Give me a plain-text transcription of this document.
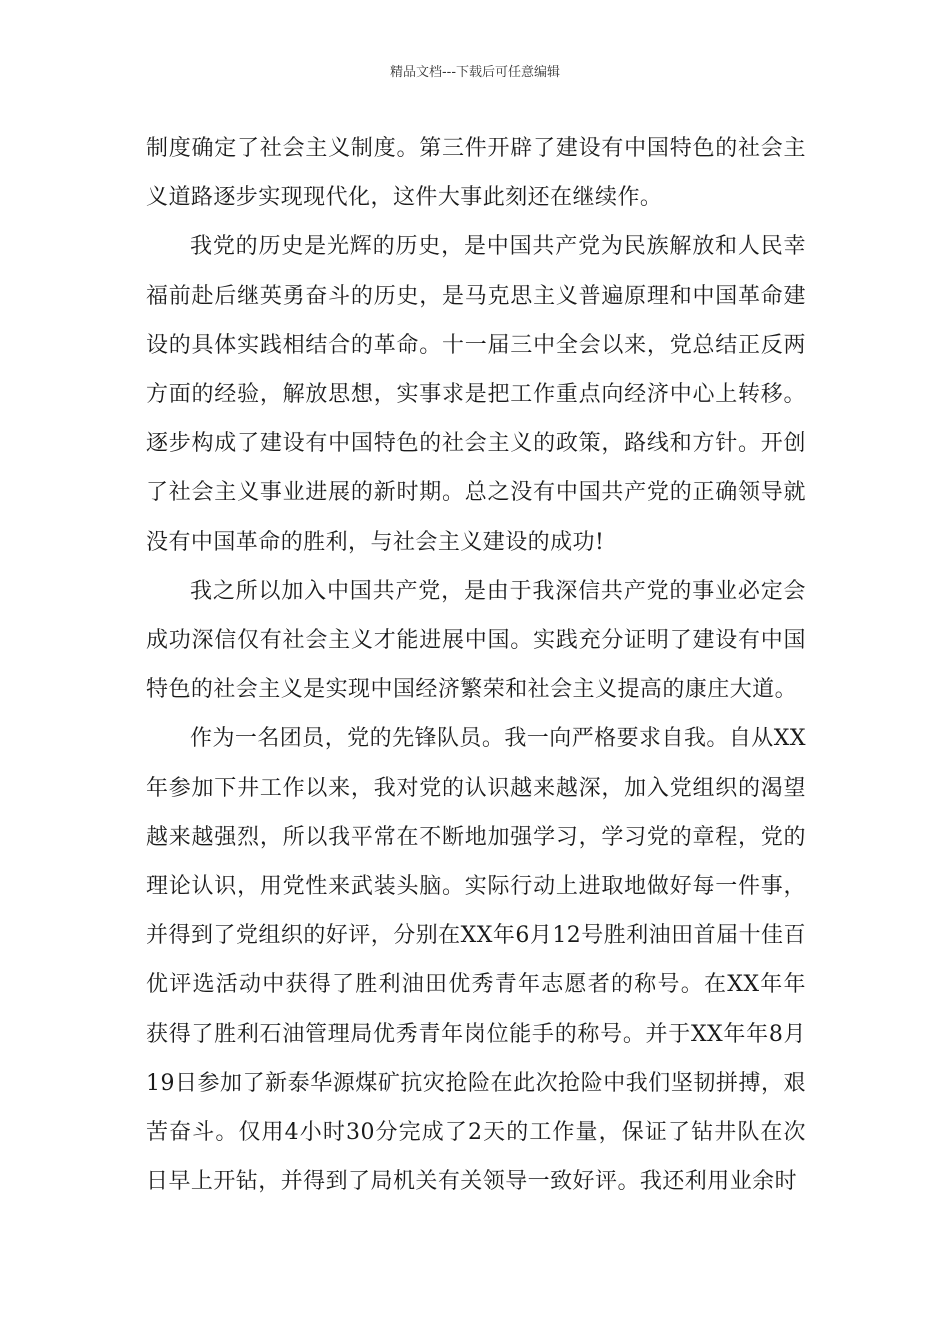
精品文档---下载后可任意编辑

制度确定了社会主义制度。第三件开辟了建设有中国特色的社会主义道路逐步实现现代化，这件大事此刻还在继续作。

我党的历史是光辉的历史，是中国共产党为民族解放和人民幸福前赴后继英勇奋斗的历史，是马克思主义普遍原理和中国革命建设的具体实践相结合的革命。十一届三中全会以来，党总结正反两方面的经验，解放思想，实事求是把工作重点向经济中心上转移。逐步构成了建设有中国特色的社会主义的政策，路线和方针。开创了社会主义事业进展的新时期。总之没有中国共产党的正确领导就没有中国革命的胜利，与社会主义建设的成功!

我之所以加入中国共产党，是由于我深信共产党的事业必定会成功深信仅有社会主义才能进展中国。实践充分证明了建设有中国特色的社会主义是实现中国经济繁荣和社会主义提高的康庄大道。

作为一名团员，党的先锋队员。我一向严格要求自我。自从XX年参加下井工作以来，我对党的认识越来越深，加入党组织的渴望越来越强烈，所以我平常在不断地加强学习，学习党的章程，党的理论认识，用党性来武装头脑。实际行动上进取地做好每一件事，并得到了党组织的好评，分别在XX年6月12号胜利油田首届十佳百优评选活动中获得了胜利油田优秀青年志愿者的称号。在XX年年获得了胜利石油管理局优秀青年岗位能手的称号。并于XX年年8月19日参加了新泰华源煤矿抗灾抢险在此次抢险中我们坚韧拼搏，艰苦奋斗。仅用4小时30分完成了2天的工作量，保证了钻井队在次日早上开钻，并得到了局机关有关领导一致好评。我还利用业余时
